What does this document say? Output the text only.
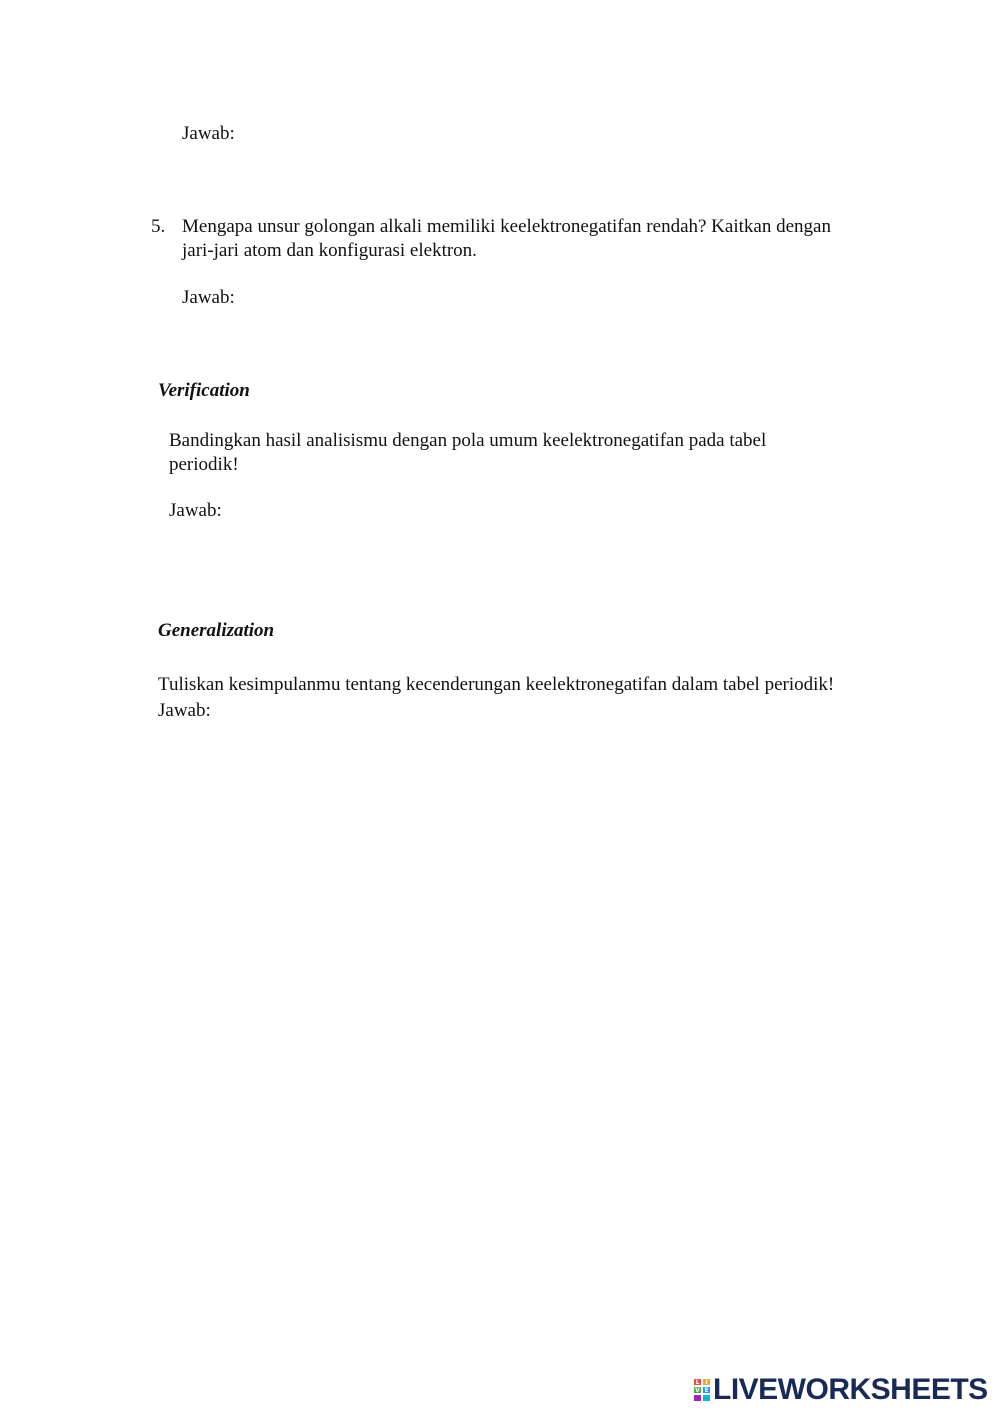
Jawab:
5. Mengapa unsur golongan alkali memiliki keelektronegatifan rendah? Kaitkan dengan
jari-jari atom dan konfigurasi elektron.
Jawab:
Verification
Bandingkan hasil analisismu dengan pola umum keelektronegatifan pada tabel
periodik!
Jawab:
Generalization
Tuliskan kesimpulanmu tentang kecenderungan keelektronegatifan dalam tabel periodik!
Jawab:
L I
V E LIVEWORKSHEETS
